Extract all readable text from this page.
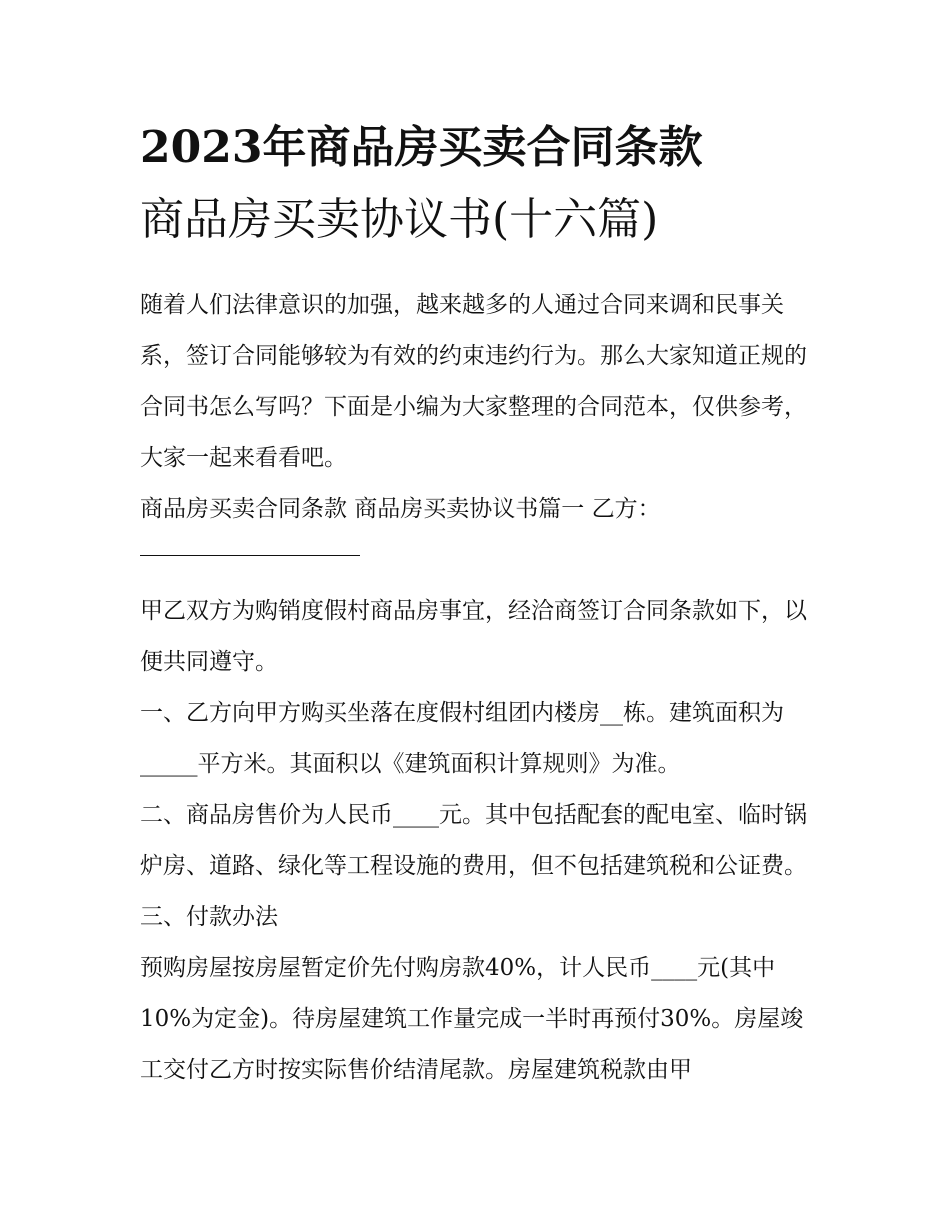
2023年商品房买卖合同条款
商品房买卖协议书(十六篇)

随着人们法律意识的加强，越来越多的人通过合同来调和民事关系，签订合同能够较为有效的约束违约行为。那么大家知道正规的合同书怎么写吗？下面是小编为大家整理的合同范本，仅供参考，大家一起来看看吧。

商品房买卖合同条款 商品房买卖协议书篇一 乙方：

甲乙双方为购销度假村商品房事宜，经洽商签订合同条款如下，以便共同遵守。

一、乙方向甲方购买坐落在度假村组团内楼房__栋。建筑面积为_____平方米。其面积以《建筑面积计算规则》为准。

二、商品房售价为人民币____元。其中包括配套的配电室、临时锅炉房、道路、绿化等工程设施的费用，但不包括建筑税和公证费。 三、付款办法

预购房屋按房屋暂定价先付购房款40%，计人民币____元(其中10%为定金)。待房屋建筑工作量完成一半时再预付30%。房屋竣工交付乙方时按实际售价结清尾款。房屋建筑税款由甲
